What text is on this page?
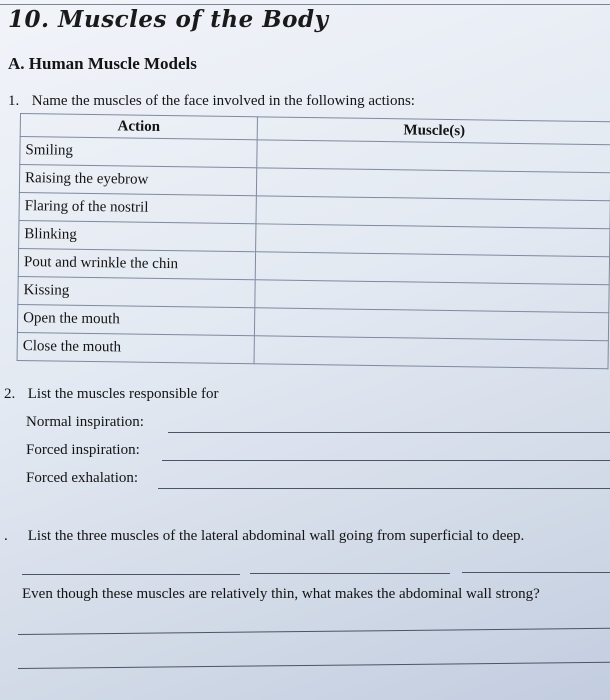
10. Muscles of the Body
A. Human Muscle Models
1. Name the muscles of the face involved in the following actions:
Action	Muscle(s)
Smiling	
Raising the eyebrow	
Flaring of the nostril	
Blinking	
Pout and wrinkle the chin	
Kissing	
Open the mouth	
Close the mouth	
2. List the muscles responsible for
Normal inspiration:
Forced inspiration:
Forced exhalation:
. List the three muscles of the lateral abdominal wall going from superficial to deep.
Even though these muscles are relatively thin, what makes the abdominal wall strong?
